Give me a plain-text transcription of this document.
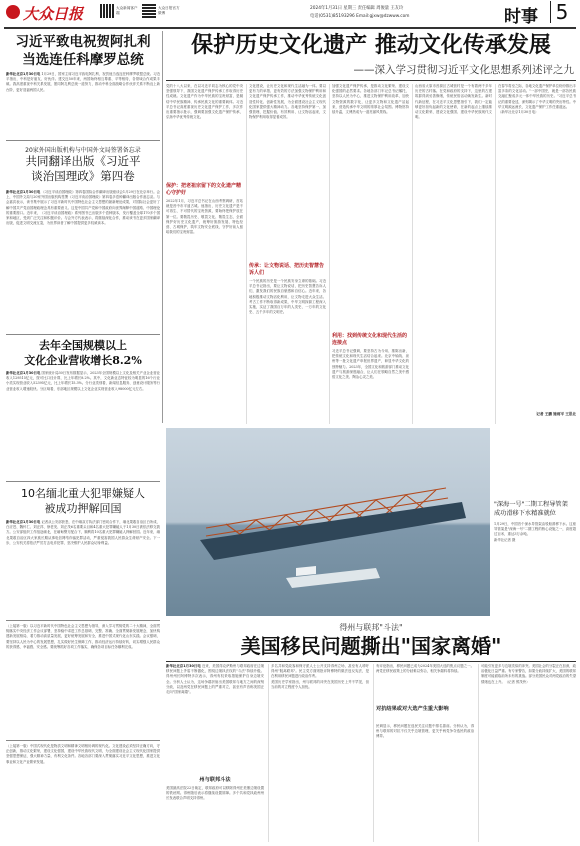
大众日报	大众新闻客户端
大众日报官方微博
2024年1月31日 星期三 责任编辑 周俊量 王友玲
电话(0531)85193296 Email:gjxw@dzwww.com	时事 5
习近平致电祝贺阿扎利
当选连任科摩罗总统
新华社北京1月30日电 1月29日，国家主席习近平致电阿扎利，祝贺他当选连任科摩罗联盟总统。习近平指出，中科是好朋友、好伙伴。建交近50年来，两国始终相互尊重、平等相待，各领域合作成果丰硕。我高度重视中科关系发展，愿同阿扎利总统一道努力，推动中科全面战略合作伙伴关系不断迈上新台阶，更好造福两国人民。
20家外国出版机构与中国外文局签署备忘录
共同翻译出版《习近平
谈治国理政》第四卷
新华社北京1月30日电 《习近平谈治国理政》第四卷国际合作翻译出版座谈会1月29日在北京举行。会上，中国外文局与20家外国出版机构签署《习近平谈治国理政》第四卷多语种翻译出版合作备忘录。与会嘉宾表示，该书集中展示了习近平新时代中国特色社会主义思想的最新理论成果，对国际社会更好了解中国共产党治国理政理念具有重要意义。这是中国共产党和中国政府向世界阐释中国道路、中国理论的重要窗口。近年来，《习近平谈治国理政》系列图书已出版多个语种版本，发行覆盖全球170多个国家和地区，受到广泛关注和积极评价。与会外方代表表示，将继续深化合作，推动该书在更多国家翻译出版，促进文明交流互鉴，为世界读者了解中国提供更多权威读本。
去年全国规模以上
文化企业营收增长8.2%
新华社北京1月30日电 国家统计局30日发布数据显示，2023年全国规模以上文化及相关产业企业营业收入129515亿元，按可比口径计算，比上年增长8.2%。其中，文化新业态特征较为明显的16个行业小类实现营业收入52395亿元，比上年增长15.3%。分行业类别看，新闻信息服务、创意设计服务等行业营业收入增速较快。分区域看，东部地区规模以上文化企业实现营业收入98000亿元左右。
10名缅北重大犯罪嫌疑人
被成功押解回国
新华社北京1月30日电 记者从公安部获悉，在中缅双方执法部门密切合作下，缅北果敢自治区白所成、白应苍、魏怀仁、刘正祥、徐老发、刘正茂6名重要头目和4名重大犯罪嫌疑人于1月30日被依法移交我方。公安部组织工作组赴缅北，在缅甸警方配合下，顺利将10名重大犯罪嫌疑人押解回国。近年来，缅北果敢自治区四大家族长期从事电信网络诈骗犯罪活动，严重侵害我国人民群众生命财产安全。下一步，公安机关将依法严厉打击电诈犯罪，坚决维护人民群众切身利益。
（上接第一版）以习近平新时代中国特色社会主义思想为指导，深入学习贯彻党的二十大精神，全面贯彻落实中央经济工作会议部署，坚持稳中求进工作总基调，完整、准确、全面贯彻新发展理念，加快构建新发展格局，着力推动高质量发展，更好统筹发展和安全，推进中国式现代化山东实践。会议强调，要坚持以人民为中心的发展思想，扎实做好民生保障工作，推动经济运行持续好转，切实增强人民群众的获得感、幸福感、安全感。要统筹抓好各项工作落实，确保各项目标任务顺利完成。
（上接第一版）中国式现代化是物质文明和精神文明相协调的现代化。文化建设必须坚持正确方向，守正创新，推动文化繁荣，建设文化强国，建设中华民族现代文明，为全面建设社会主义现代化国家提供坚强思想保证、强大精神力量、有利文化条件。各地各部门要深入贯彻落实习近平文化思想，推进文化事业和文化产业繁荣发展。
保护历史文化遗产 推动文化传承发展
——深入学习贯彻习近平文化思想系列述评之九
党的十八大以来，在以习近平同志为核心的党中央坚强领导下，我国文化遗产保护传承工作取得历史性成就。文化遗产作为中华民族的宝贵财富，是凝结中华民族精神、传承民族文化的重要载体。习近平总书记高度重视历史文化遗产保护工作，多次作出重要指示批示，强调要加强文化遗产保护传承，弘扬中华优秀传统文化。
保护：把老祖宗留下的文化遗产精心守护好
2022年1月，习近平总书记在山西考察调研，首站就是晋中市平遥古城。他指出，历史文化遗产是不可再生、不可替代的宝贵资源，要始终把保护放在第一位。要敬畏历史、敬畏文化、敬畏生态，全面保护好历史文化遗产，统筹好旅游发展、特色经营、古城保护，筑牢文物安全底线，守护好前人留给我们的宝贵财富。
文化建设，让历史文化和现代生活融为一体。要以更有力的举措、更有效的方法加强文物保护利用和文化遗产保护传承工作，推动中华优秀传统文化创造性转化、创新性发展，为全面建设社会主义现代化国家提供强大精神动力。各地坚持保护第一、加强管理、挖掘价值、有效利用、让文物活起来，文物保护利用取得显著成效。
传承：让文物说话、把历史智慧告诉人们
一个民族的历史是一个民族安身立命的基础。习近平总书记指出，要让文物说话，把历史智慧告诉人们，激发我们的民族自豪感和自信心。近年来，各地积极推动文物活化利用，让文物走进大众生活。考古工作不断取得新成果，中华文明探源工程深入实施，实证了我国百万年的人类史、一万年的文化史、五千多年的文明史。
加强文化遗产保护传承，是推动文化繁荣、建设文化强国的必然要求。各地各部门牢记总书记嘱托，坚持以人民为中心，推进文物保护利用改革，加快文物资源的数字化，让更多文物和文化遗产活起来，营造传承中华文明的浓厚社会氛围。博物馆持续升温，文博热成为一道亮丽风景线。
利用：找到传统文化和现代生活的连接点
习近平总书记强调，要坚持古为今用、推陈出新，把传统文化和现代生活结合起来。北京中轴线、泉州等一批文化遗产申报世界遗产，彰显中华文化的独特魅力。2023年，全国文化和旅游部门推动文化遗产与旅游深度融合，让人们在领略自然之美中感悟文化之美、陶冶心灵之美。
山西省太原市晋源区古城营村是一个有着两千多年历史的古村落。在党和政府的支持下，这里的古建筑群得到妥善修缮，传统民俗活动焕发新生。新时代新征程，在习近平文化思想指引下，我们一定能够更好担负起新的文化使命，在新的起点上继续推动文化繁荣、建设文化强国、建设中华民族现代文明。
在春节将至之际，各地文化遗产保护单位纷纷推出丰富多彩的文化活动。"一部中国史，就是一部各民族交融汇聚成多元一体中华民族的历史。"习近平总书记的重要论述，深刻揭示了中华文明的突出特性。中华文明源远流长，文化遗产保护工作任重道远。
（新华社北京1月30日电）
记者 王鹏 施雨岑 王思北
"深海一号"二期工程导管架
成功滑移下水精准就位
1月29日，中国首个深水导管架由驳船滑移下水。这座导管架是"深海一号"二期工程的核心设施之一，高度超过百米，重达3万余吨。
新华社记者 摄
得州与联邦"斗法"
美国移民问题撕出"国家离婚"
新华社北京1月30日电 近来，美国得克萨斯州与联邦政府在边境移民问题上矛盾不断激化，围绕边境执法权的"斗法"持续升级。得州州长阿博特多次表示，得州有权采取措施保护自身边境安全。分析人士认为，这场争端折射出美国联邦与地方之间的深刻分歧，以及两党在移民问题上的严重对立，甚至有声音称美国正走向"国家离婚"。
州与联邦斗法
美国最高法院22日裁定，联邦政府可以移除得州在美墨边境设置的铁丝网。得州随后表示将继续设置屏障。多个共和党执政州州长发表联合声明支持得州。
多名共和党政客和保守派人士公开支持得州立场，甚至有人呼吁得州"脱离联邦"。民主党方面则批评阿博特的做法违反宪法，是在利用移民问题进行政治作秀。
美国历史学家指出，州与联邦的冲突在美国历史上并不罕见，但当前的对立程度令人担忧。
有评论指出，移民问题已成为2024年美国大选的焦点议题之一。两党在移民政策上的分歧难以弥合，相关争端料将持续。
对抗结果或对大选产生重大影响
民调显示，移民问题在选民关注议题中排名靠前。分析认为，得州与联邦的对抗不仅关乎边境管理，更关乎两党争夺选民的政治博弈。
可能引发更多与边境类似的冲突。美国社会的分裂正在加深，政治极化日益严重。有专家警告，如果分歧持续扩大，美国的联邦制度可能面临前所未有的挑战。部分美国民众对两党政治的失望情绪也在上升。（记者 熊茂伶）
